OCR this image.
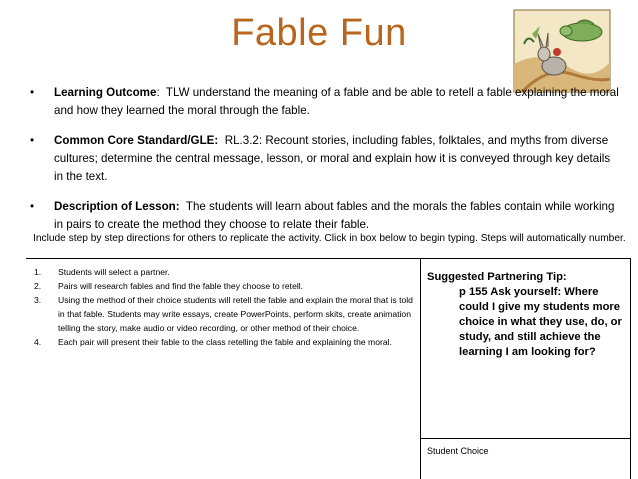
Fable Fun
• Learning Outcome:  TLW understand the meaning of a fable and be able to retell a fable explaining the moral and how they learned the moral through the fable.
• Common Core Standard/GLE: RL.3.2: Recount stories, including fables, folktales, and myths from diverse cultures; determine the central message, lesson, or moral and explain how it is conveyed through key details in the text.
• Description of Lesson: The students will learn about fables and the morals the fables contain while working in pairs to create the method they choose to relate their fable.
Include step by step directions for others to replicate the activity. Click in box below to begin typing. Steps will automatically number.
1. Students will select a partner.
2. Pairs will research fables and find the fable they choose to retell.
3. Using the method of their choice students will retell the fable and explain the moral that is told in that fable. Students may write essays, create PowerPoints, perform skits, create animation telling the story, make audio or video recording, or other method of their choice.
4. Each pair will present their fable to the class retelling the fable and explaining the moral.
Suggested Partnering Tip:
p 155 Ask yourself: Where could I give my students more choice in what they use, do, or study, and still achieve the learning I am looking for?
Student Choice
